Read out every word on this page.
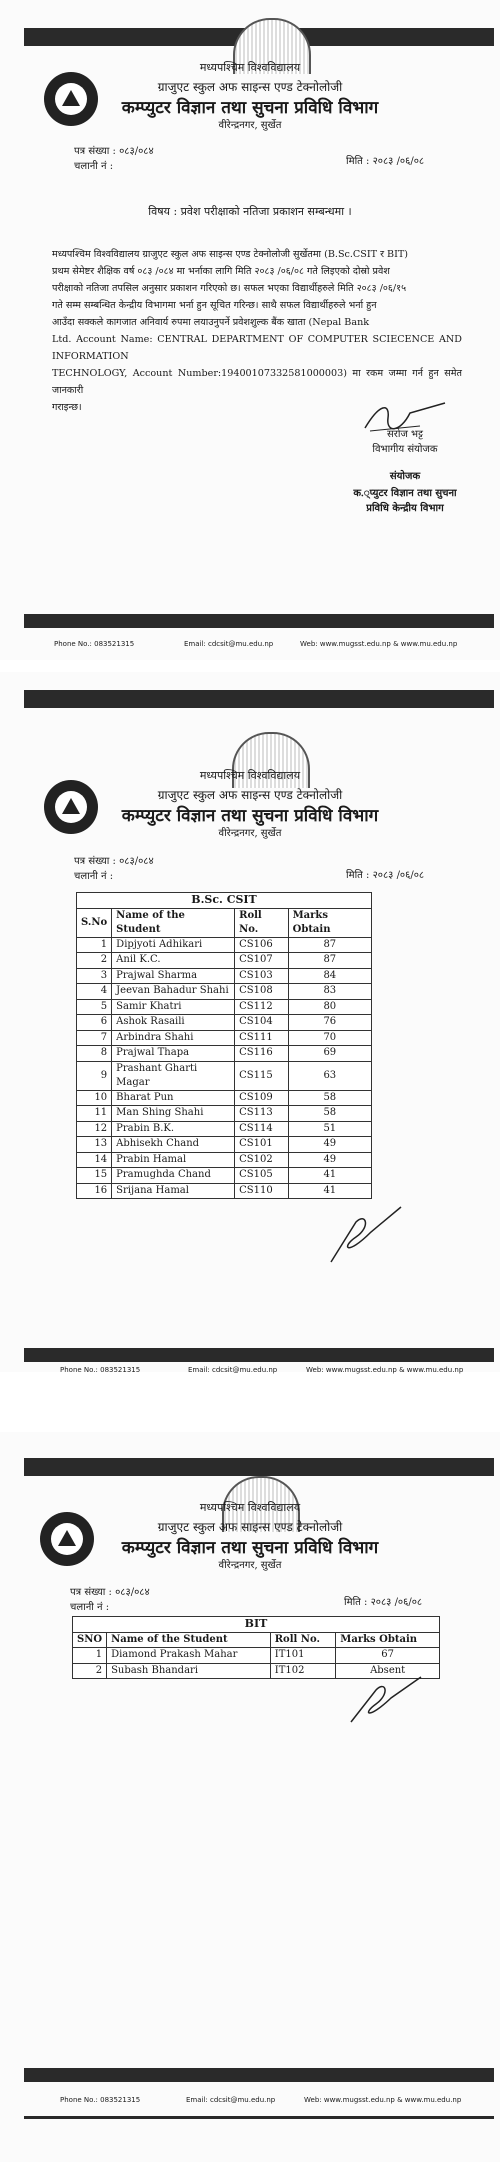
मध्यपश्चिम विश्वविद्यालय
ग्राजुएट स्कुल अफ साइन्स एण्ड टेक्नोलोजी
कम्प्युटर विज्ञान तथा सुचना प्रविधि विभाग
वीरेन्द्रनगर, सुर्खेत
पत्र संख्या : ०८३/०८४
चलानी नं :	मिति : २०८३ /०६/०८
विषय : प्रवेश परीक्षाको नतिजा प्रकाशन सम्बन्धमा ।
मध्यपश्चिम विश्वविद्यालय ग्राजुएट स्कुल अफ साइन्स एण्ड टेक्नोलोजी सुर्खेतमा (B.Sc.CSIT र BIT)
प्रथम सेमेष्टर शैक्षिक वर्ष ०८३ /०८४ मा भर्नाका लागि मिति २०८३ /०६/०८ गते लिइएको दोस्रो प्रवेश
परीक्षाको नतिजा तपसिल अनुसार प्रकाशन गरिएको छ। सफल भएका विद्यार्थीहरुले मिति २०८३ /०६/१५
गते सम्म सम्बन्धित केन्द्रीय विभागमा भर्ना हुन सूचित गरिन्छ। साथै सफल विद्यार्थीहरुले भर्ना हुन
आउँदा सक्कले कागजात अनिवार्य रुपमा लयाउनुपर्ने प्रवेशशुल्क बैंक खाता (Nepal Bank
Ltd. Account Name: CENTRAL DEPARTMENT OF COMPUTER SCIECENCE AND INFORMATION
TECHNOLOGY, Account Number:19400107332581000003) मा रकम जम्मा गर्न हुन समेत जानकारी
गराइन्छ।
सरोज भट्ट
विभागीय संयोजक
संयोजक
क.्प्युटर विज्ञान तथा सुचना
प्रविधि केन्द्रीय विभाग
Phone No.: 083521315	Email: cdcsit@mu.edu.np	Web: www.mugsst.edu.np & www.mu.edu.np
मध्यपश्चिम विश्वविद्यालय
ग्राजुएट स्कुल अफ साइन्स एण्ड टेक्नोलोजी
कम्प्युटर विज्ञान तथा सुचना प्रविधि विभाग
वीरेन्द्रनगर, सुर्खेत
पत्र संख्या : ०८३/०८४
चलानी नं :	मिति : २०८३ /०६/०८
B.Sc. CSIT			
S.No	Name of the Student	Roll No.	Marks Obtain
1	Dipjyoti Adhikari	CS106	87
2	Anil K.C.	CS107	87
3	Prajwal Sharma	CS103	84
4	Jeevan Bahadur Shahi	CS108	83
5	Samir Khatri	CS112	80
6	Ashok Rasaili	CS104	76
7	Arbindra Shahi	CS111	70
8	Prajwal Thapa	CS116	69
9	Prashant Gharti Magar	CS115	63
10	Bharat Pun	CS109	58
11	Man Shing Shahi	CS113	58
12	Prabin B.K.	CS114	51
13	Abhisekh Chand	CS101	49
14	Prabin Hamal	CS102	49
15	Pramughda Chand	CS105	41
16	Srijana Hamal	CS110	41
Phone No.: 083521315	Email: cdcsit@mu.edu.np	Web: www.mugsst.edu.np & www.mu.edu.np
मध्यपश्चिम विश्वविद्यालय
ग्राजुएट स्कुल अफ साइन्स एण्ड टेक्नोलोजी
कम्प्युटर विज्ञान तथा सुचना प्रविधि विभाग
वीरेन्द्रनगर, सुर्खेत
पत्र संख्या : ०८३/०८४
चलानी नं :	मिति : २०८३ /०६/०८
BIT			
SNO	Name of the Student	Roll No.	Marks Obtain
1	Diamond Prakash Mahar	IT101	67
2	Subash Bhandari	IT102	Absent
Phone No.: 083521315	Email: cdcsit@mu.edu.np	Web: www.mugsst.edu.np & www.mu.edu.np
